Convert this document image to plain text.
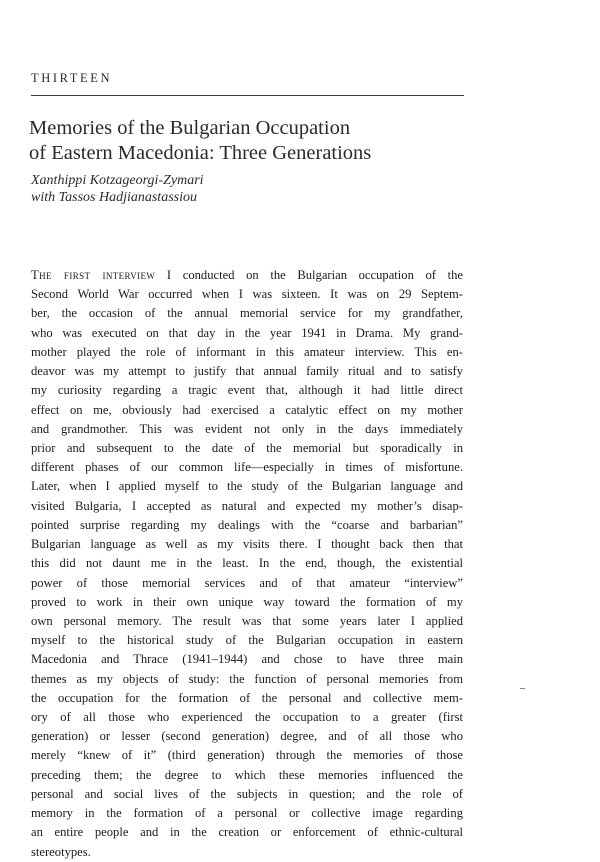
THIRTEEN
Memories of the Bulgarian Occupation
of Eastern Macedonia: Three Generations
Xanthippi Kotzageorgi-Zymari
with Tassos Hadjianastassiou
The first interview I conducted on the Bulgarian occupation of the
Second World War occurred when I was sixteen. It was on 29 Septem-
ber, the occasion of the annual memorial service for my grandfather,
who was executed on that day in the year 1941 in Drama. My grand-
mother played the role of informant in this amateur interview. This en-
deavor was my attempt to justify that annual family ritual and to satisfy
my curiosity regarding a tragic event that, although it had little direct
effect on me, obviously had exercised a catalytic effect on my mother
and grandmother. This was evident not only in the days immediately
prior and subsequent to the date of the memorial but sporadically in
different phases of our common life—especially in times of misfortune.
Later, when I applied myself to the study of the Bulgarian language and
visited Bulgaria, I accepted as natural and expected my mother’s disap-
pointed surprise regarding my dealings with the “coarse and barbarian”
Bulgarian language as well as my visits there. I thought back then that
this did not daunt me in the least. In the end, though, the existential
power of those memorial services and of that amateur “interview”
proved to work in their own unique way toward the formation of my
own personal memory. The result was that some years later I applied
myself to the historical study of the Bulgarian occupation in eastern
Macedonia and Thrace (1941–1944) and chose to have three main
themes as my objects of study: the function of personal memories from
the occupation for the formation of the personal and collective mem-
ory of all those who experienced the occupation to a greater (first
generation) or lesser (second generation) degree, and of all those who
merely “knew of it” (third generation) through the memories of those
preceding them; the degree to which these memories influenced the
personal and social lives of the subjects in question; and the role of
memory in the formation of a personal or collective image regarding
an entire people and in the creation or enforcement of ethnic-cultural
stereotypes.
